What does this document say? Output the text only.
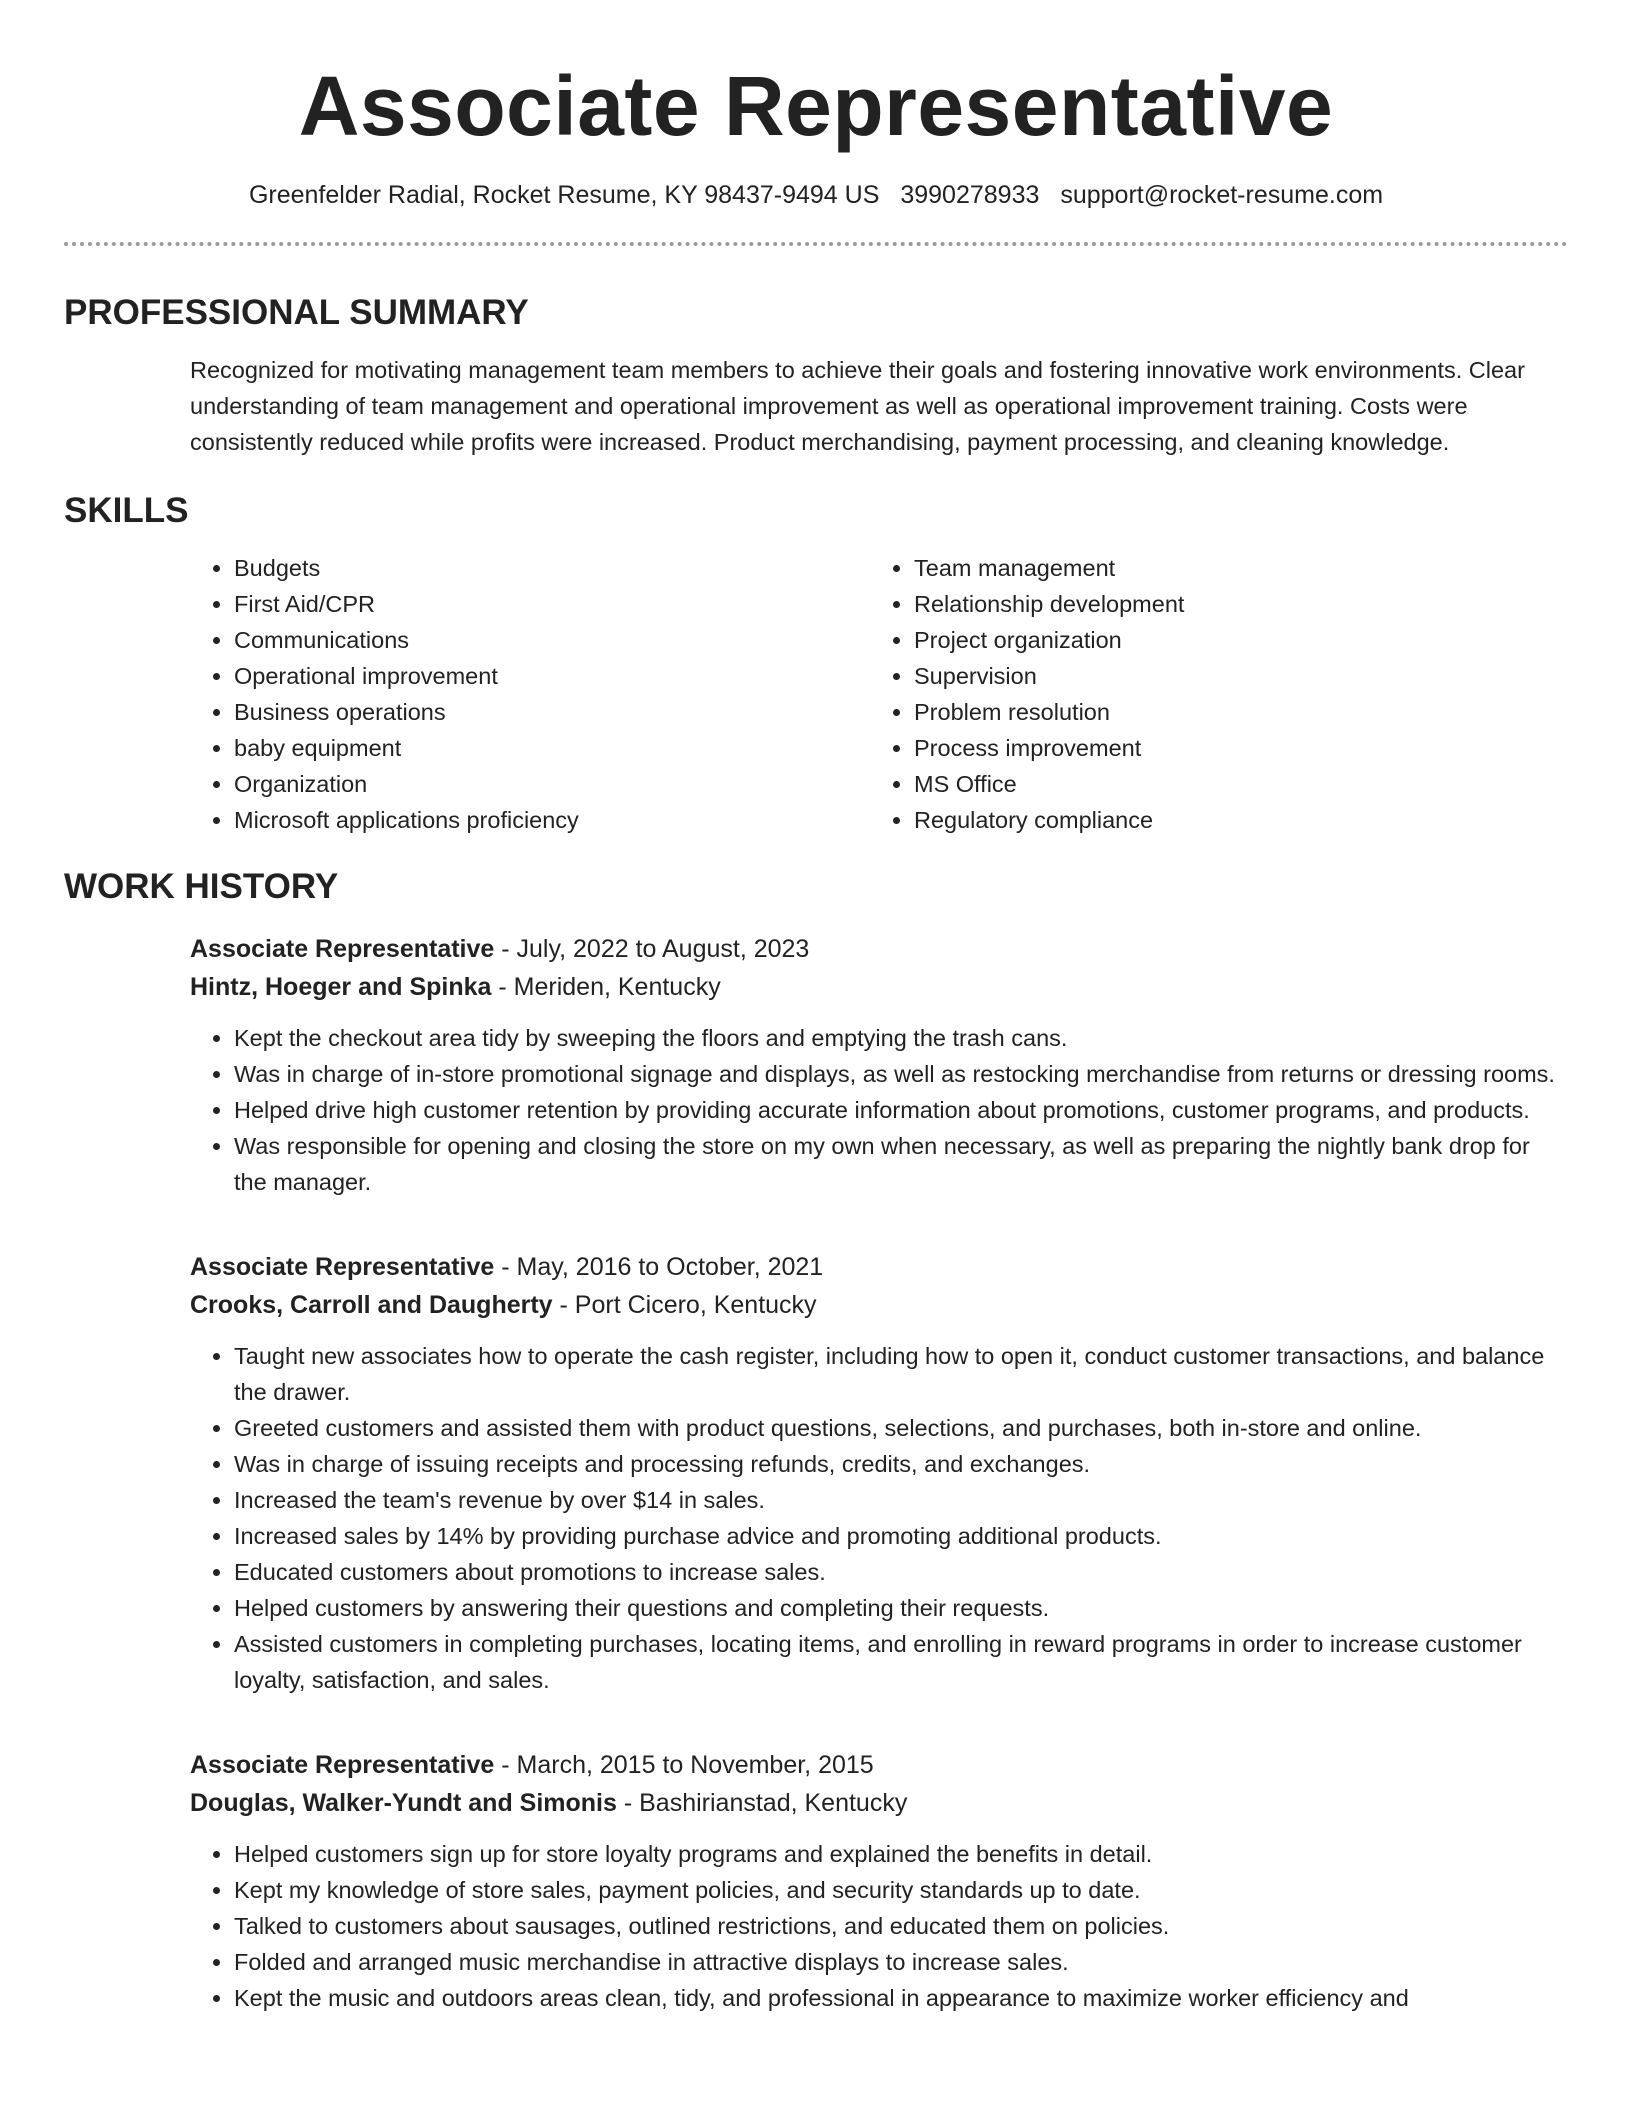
Associate Representative
Greenfelder Radial, Rocket Resume, KY 98437-9494 US 3990278933 support@rocket-resume.com
PROFESSIONAL SUMMARY

Recognized for motivating management team members to achieve their goals and fostering innovative work environments. Clear understanding of team management and operational improvement as well as operational improvement training. Costs were consistently reduced while profits were increased. Product merchandising, payment processing, and cleaning knowledge.

SKILLS
• Budgets
• First Aid/CPR
• Communications
• Operational improvement
• Business operations
• baby equipment
• Organization
• Microsoft applications proficiency
• Team management
• Relationship development
• Project organization
• Supervision
• Problem resolution
• Process improvement
• MS Office
• Regulatory compliance
WORK HISTORY
Associate Representative - July, 2022 to August, 2023
Hintz, Hoeger and Spinka - Meriden, Kentucky
• Kept the checkout area tidy by sweeping the floors and emptying the trash cans.
• Was in charge of in-store promotional signage and displays, as well as restocking merchandise from returns or dressing rooms.
• Helped drive high customer retention by providing accurate information about promotions, customer programs, and products.
• Was responsible for opening and closing the store on my own when necessary, as well as preparing the nightly bank drop for the manager.
Associate Representative - May, 2016 to October, 2021
Crooks, Carroll and Daugherty - Port Cicero, Kentucky
• Taught new associates how to operate the cash register, including how to open it, conduct customer transactions, and balance the drawer.
• Greeted customers and assisted them with product questions, selections, and purchases, both in-store and online.
• Was in charge of issuing receipts and processing refunds, credits, and exchanges.
• Increased the team's revenue by over $14 in sales.
• Increased sales by 14% by providing purchase advice and promoting additional products.
• Educated customers about promotions to increase sales.
• Helped customers by answering their questions and completing their requests.
• Assisted customers in completing purchases, locating items, and enrolling in reward programs in order to increase customer loyalty, satisfaction, and sales.
Associate Representative - March, 2015 to November, 2015
Douglas, Walker-Yundt and Simonis - Bashirianstad, Kentucky
• Helped customers sign up for store loyalty programs and explained the benefits in detail.
• Kept my knowledge of store sales, payment policies, and security standards up to date.
• Talked to customers about sausages, outlined restrictions, and educated them on policies.
• Folded and arranged music merchandise in attractive displays to increase sales.
• Kept the music and outdoors areas clean, tidy, and professional in appearance to maximize worker efficiency and
